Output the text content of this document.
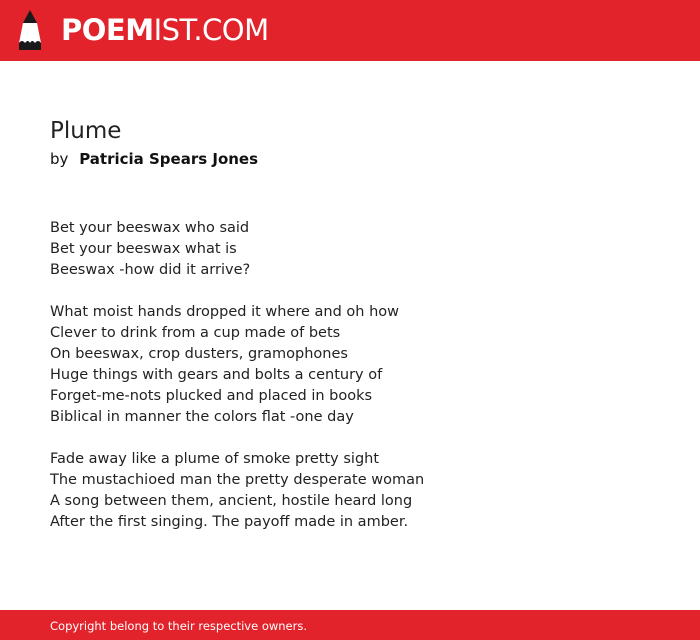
POEMIST.COM
Plume
by Patricia Spears Jones
Bet your beeswax who said
Bet your beeswax what is
Beeswax -how did it arrive?
What moist hands dropped it where and oh how
Clever to drink from a cup made of bets
On beeswax, crop dusters, gramophones
Huge things with gears and bolts a century of
Forget-me-nots plucked and placed in books
Biblical in manner the colors flat -one day
Fade away like a plume of smoke pretty sight
The mustachioed man the pretty desperate woman
A song between them, ancient, hostile heard long
After the first singing. The payoff made in amber.
Copyright belong to their respective owners.
